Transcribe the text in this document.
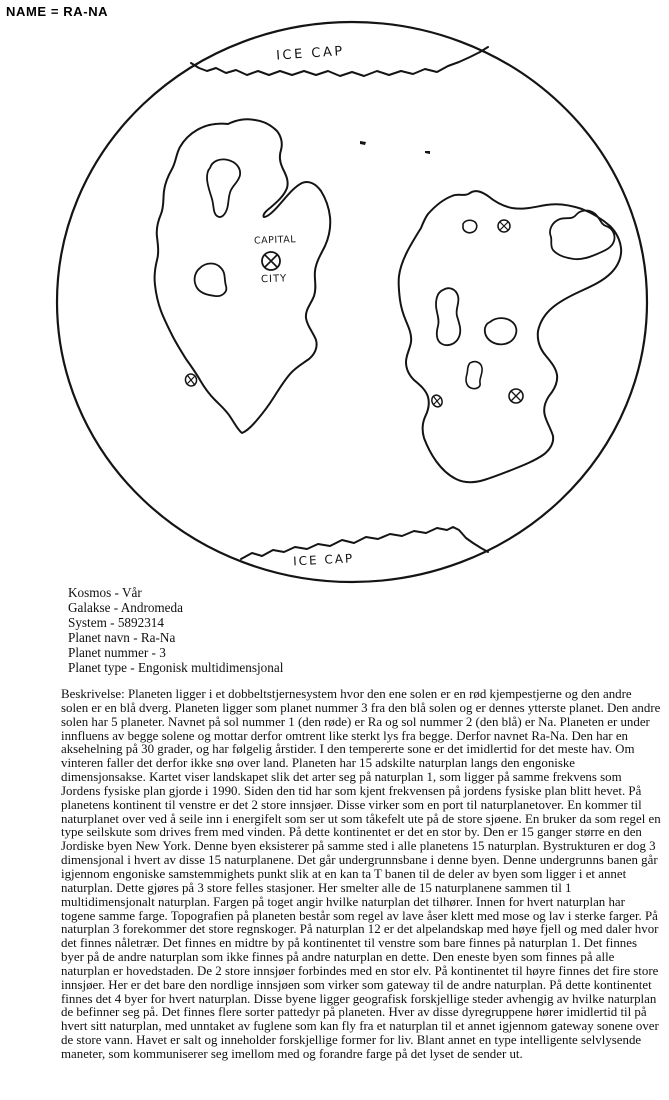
NAME = RA-NA
ICE CAP
ICE CAP
CAPITAL
CITY
Kosmos - Vår
Galakse - Andromeda
System - 5892314
Planet navn - Ra-Na
Planet nummer - 3
Planet type - Engonisk multidimensjonal
Beskrivelse: Planeten ligger i et dobbeltstjernesystem hvor den ene solen er en rød kjempestjerne og den andre solen er en blå dverg. Planeten ligger som planet nummer 3 fra den blå solen og er dennes ytterste planet. Den andre solen har 5 planeter. Navnet på sol nummer 1 (den røde) er Ra og sol nummer 2 (den blå) er Na. Planeten er under innfluens av begge solene og mottar derfor omtrent like sterkt lys fra begge. Derfor navnet Ra-Na. Den har en aksehelning på 30 grader, og har følgelig årstider. I den tempererte sone er det imidlertid for det meste hav. Om vinteren faller det derfor ikke snø over land. Planeten har 15 adskilte naturplan langs den engoniske dimensjonsakse. Kartet viser landskapet slik det arter seg på naturplan 1, som ligger på samme frekvens som Jordens fysiske plan gjorde i 1990. Siden den tid har som kjent frekvensen på jordens fysiske plan blitt hevet. På planetens kontinent til venstre er det 2 store innsjøer. Disse virker som en port til naturplanetover. En kommer til naturplanet over ved å seile inn i energifelt som ser ut som tåkefelt ute på de store sjøene. En bruker da som regel en type seilskute som drives frem med vinden. På dette kontinentet er det en stor by. Den er 15 ganger større en den Jordiske byen New York. Denne byen eksisterer på samme sted i alle planetens 15 naturplan. Bystrukturen er dog 3 dimensjonal i hvert av disse 15 naturplanene. Det går undergrunnsbane i denne byen. Denne undergrunns banen går igjennom engoniske samstemmighets punkt slik at en kan ta T banen til de deler av byen som ligger i et annet naturplan. Dette gjøres på 3 store felles stasjoner. Her smelter alle de 15 naturplanene sammen til 1 multidimensjonalt naturplan. Fargen på toget angir hvilke naturplan det tilhører. Innen for hvert naturplan har togene samme farge. Topografien på planeten består som regel av lave åser klett med mose og lav i sterke farger. På naturplan 3 forekommer det store regnskoger. På naturplan 12 er det alpelandskap med høye fjell og med daler hvor det finnes nåletrær. Det finnes en midtre by på kontinentet til venstre som bare finnes på naturplan 1. Det finnes byer på de andre naturplan som ikke finnes på andre naturplan en dette. Den eneste byen som finnes på alle naturplan er hovedstaden. De 2 store innsjøer forbindes med en stor elv. På kontinentet til høyre finnes det fire store innsjøer. Her er det bare den nordlige innsjøen som virker som gateway til de andre naturplan. På dette kontinentet finnes det 4 byer for hvert naturplan. Disse byene ligger geografisk forskjellige steder avhengig av hvilke naturplan de befinner seg på. Det finnes flere sorter pattedyr på planeten. Hver av disse dyregruppene hører imidlertid til på hvert sitt naturplan, med unntaket av fuglene som kan fly fra et naturplan til et annet igjennom gateway sonene over de store vann. Havet er salt og inneholder forskjellige former for liv. Blant annet en type intelligente selvlysende maneter, som kommuniserer seg imellom med og forandre farge på det lyset de sender ut.
